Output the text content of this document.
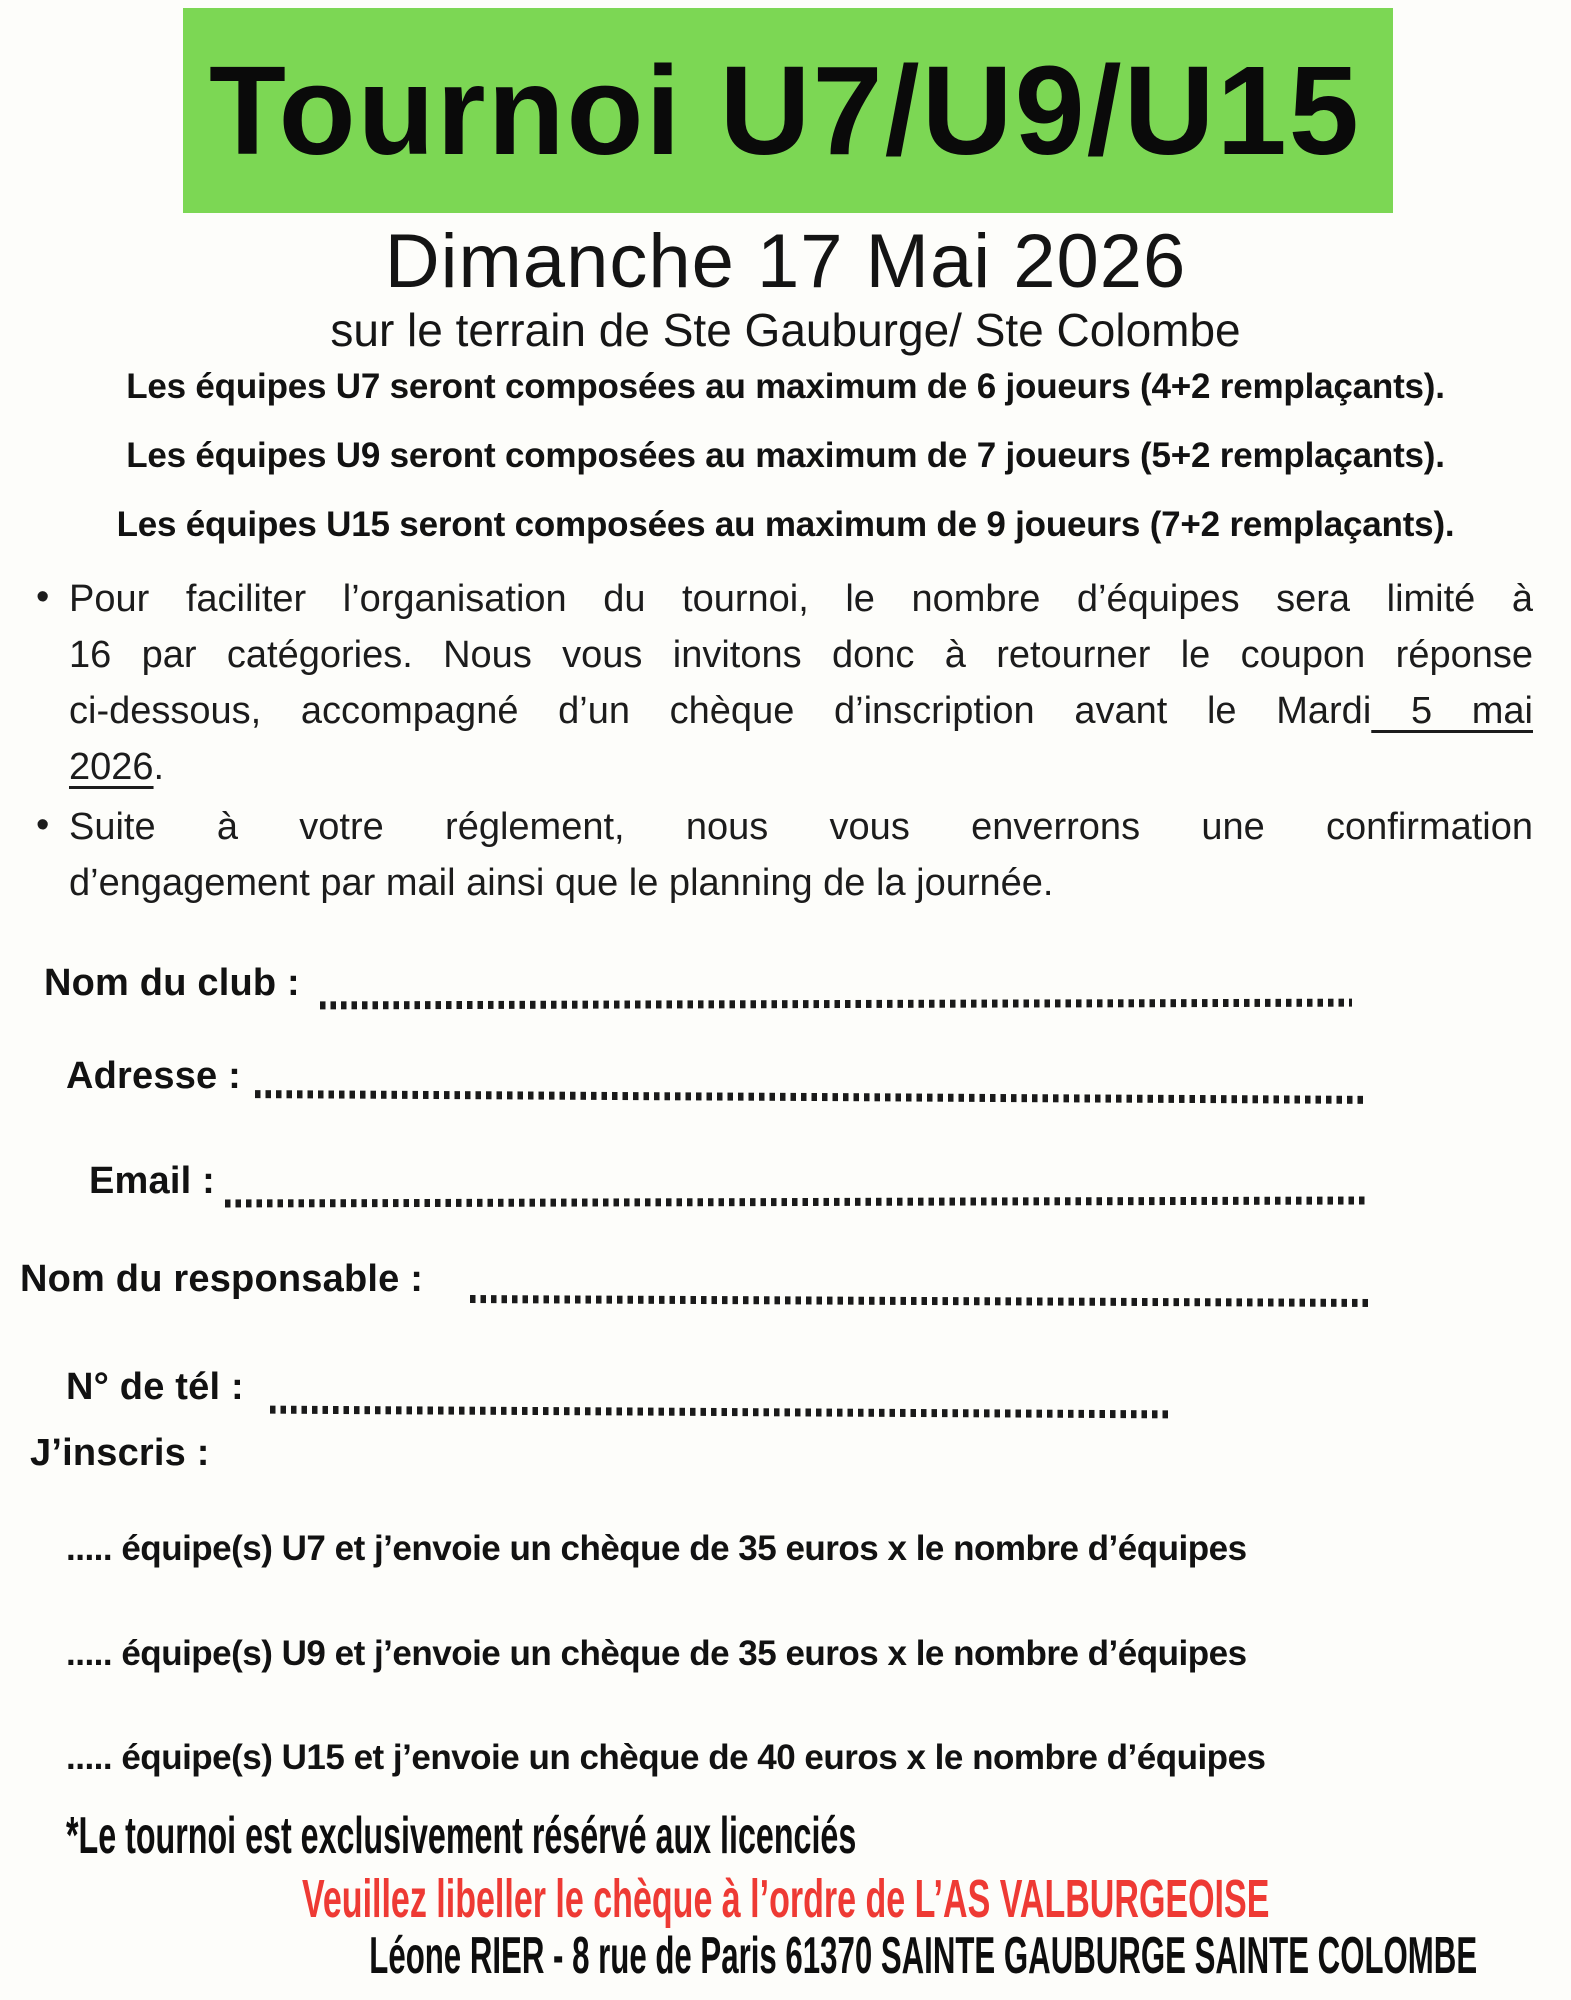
Tournoi U7/U9/U15
Dimanche 17 Mai 2026
sur le terrain de Ste Gauburge/ Ste Colombe
Les équipes U7 seront composées au maximum de 6 joueurs (4+2 remplaçants).
Les équipes U9 seront composées au maximum de 7 joueurs (5+2 remplaçants).
Les équipes U15 seront composées au maximum de 9 joueurs (7+2 remplaçants).
• Pour faciliter l’organisation du tournoi, le nombre d’équipes sera limité à
16 par catégories. Nous vous invitons donc à retourner le coupon réponse
ci-dessous, accompagné d’un chèque d’inscription avant le Mardi 5 mai
2026.
• Suite à votre réglement, nous vous enverrons une confirmation
d’engagement par mail ainsi que le planning de la journée.
Nom du club :
Adresse :
Email :
Nom du responsable :
N° de tél :
J’inscris :
..... équipe(s) U7 et j’envoie un chèque de 35 euros x le nombre d’équipes
..... équipe(s) U9 et j’envoie un chèque de 35 euros x le nombre d’équipes
..... équipe(s) U15 et j’envoie un chèque de 40 euros x le nombre d’équipes
*Le tournoi est exclusivement résérvé aux licenciés
Veuillez libeller le chèque à l’ordre de L’AS VALBURGEOISE
Léone RIER - 8 rue de Paris 61370 SAINTE GAUBURGE SAINTE COLOMBE
